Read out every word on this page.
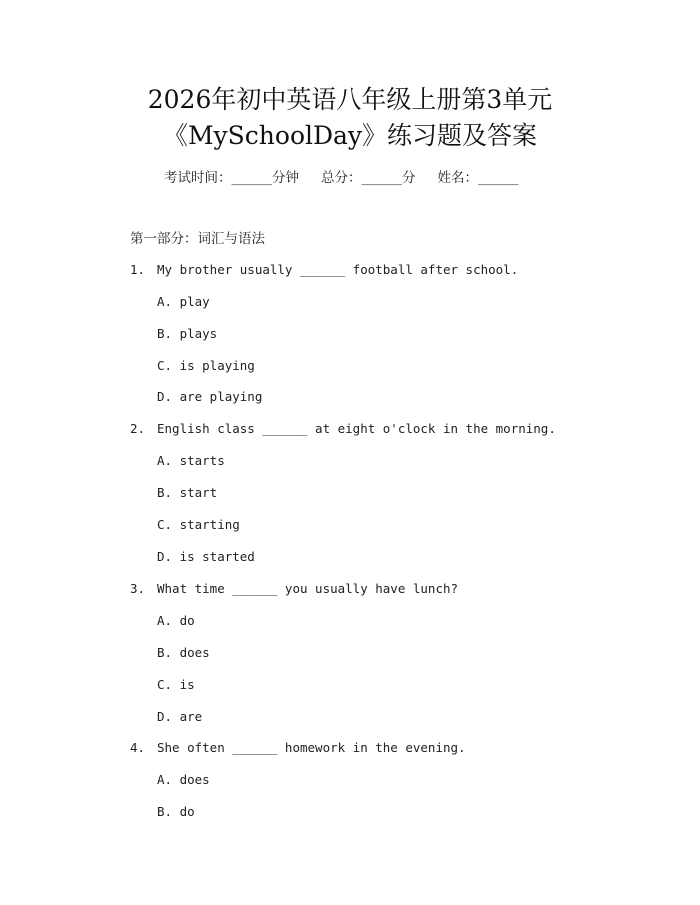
2026年初中英语八年级上册第3单元
《MySchoolDay》练习题及答案
考试时间：______分钟 总分：______分 姓名：______
第一部分：词汇与语法
1. My brother usually ______ football after school.
A. play
B. plays
C. is playing
D. are playing
2. English class ______ at eight o'clock in the morning.
A. starts
B. start
C. starting
D. is started
3. What time ______ you usually have lunch?
A. do
B. does
C. is
D. are
4. She often ______ homework in the evening.
A. does
B. do
